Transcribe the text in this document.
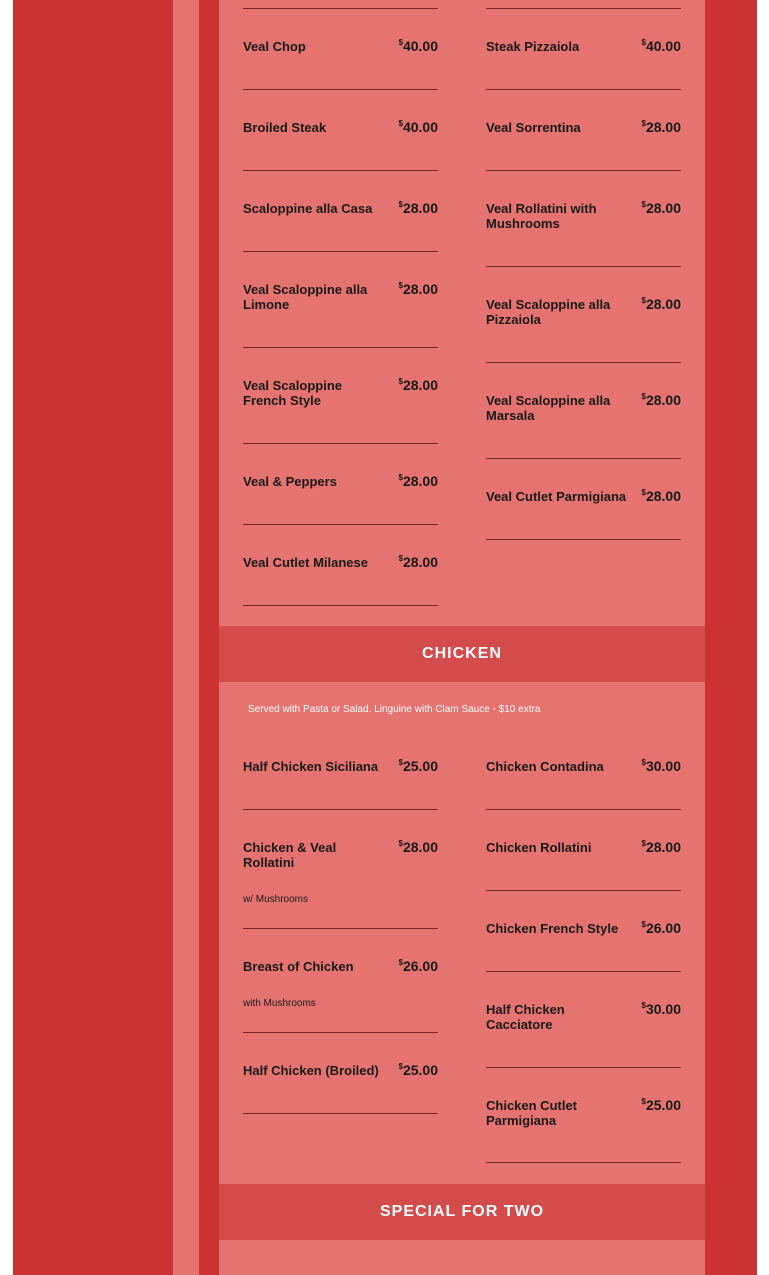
Veal Chop	$40.00
Broiled Steak	$40.00
Scaloppine alla Casa	$28.00
Veal Scaloppine alla Limone
$28.00
Veal Scaloppine French Style
$28.00
Veal & Peppers	$28.00
Veal Cutlet Milanese	$28.00
Steak Pizzaiola	$40.00
Veal Sorrentina	$28.00
Veal Rollatini with Mushrooms
$28.00
Veal Scaloppine alla Pizzaiola
$28.00
Veal Scaloppine alla Marsala
$28.00
Veal Cutlet Parmigiana	$28.00
CHICKEN
Served with Pasta or Salad. Linguine with Clam Sauce - $10 extra
Half Chicken Siciliana	$25.00
Chicken & Veal Rollatini
$28.00
w/ Mushrooms
Breast of Chicken	$26.00
with Mushrooms
Half Chicken (Broiled)	$25.00
Chicken Contadina	$30.00
Chicken Rollatini	$28.00
Chicken French Style	$26.00
Half Chicken Cacciatore
$30.00
Chicken Cutlet Parmigiana
$25.00
SPECIAL FOR TWO
